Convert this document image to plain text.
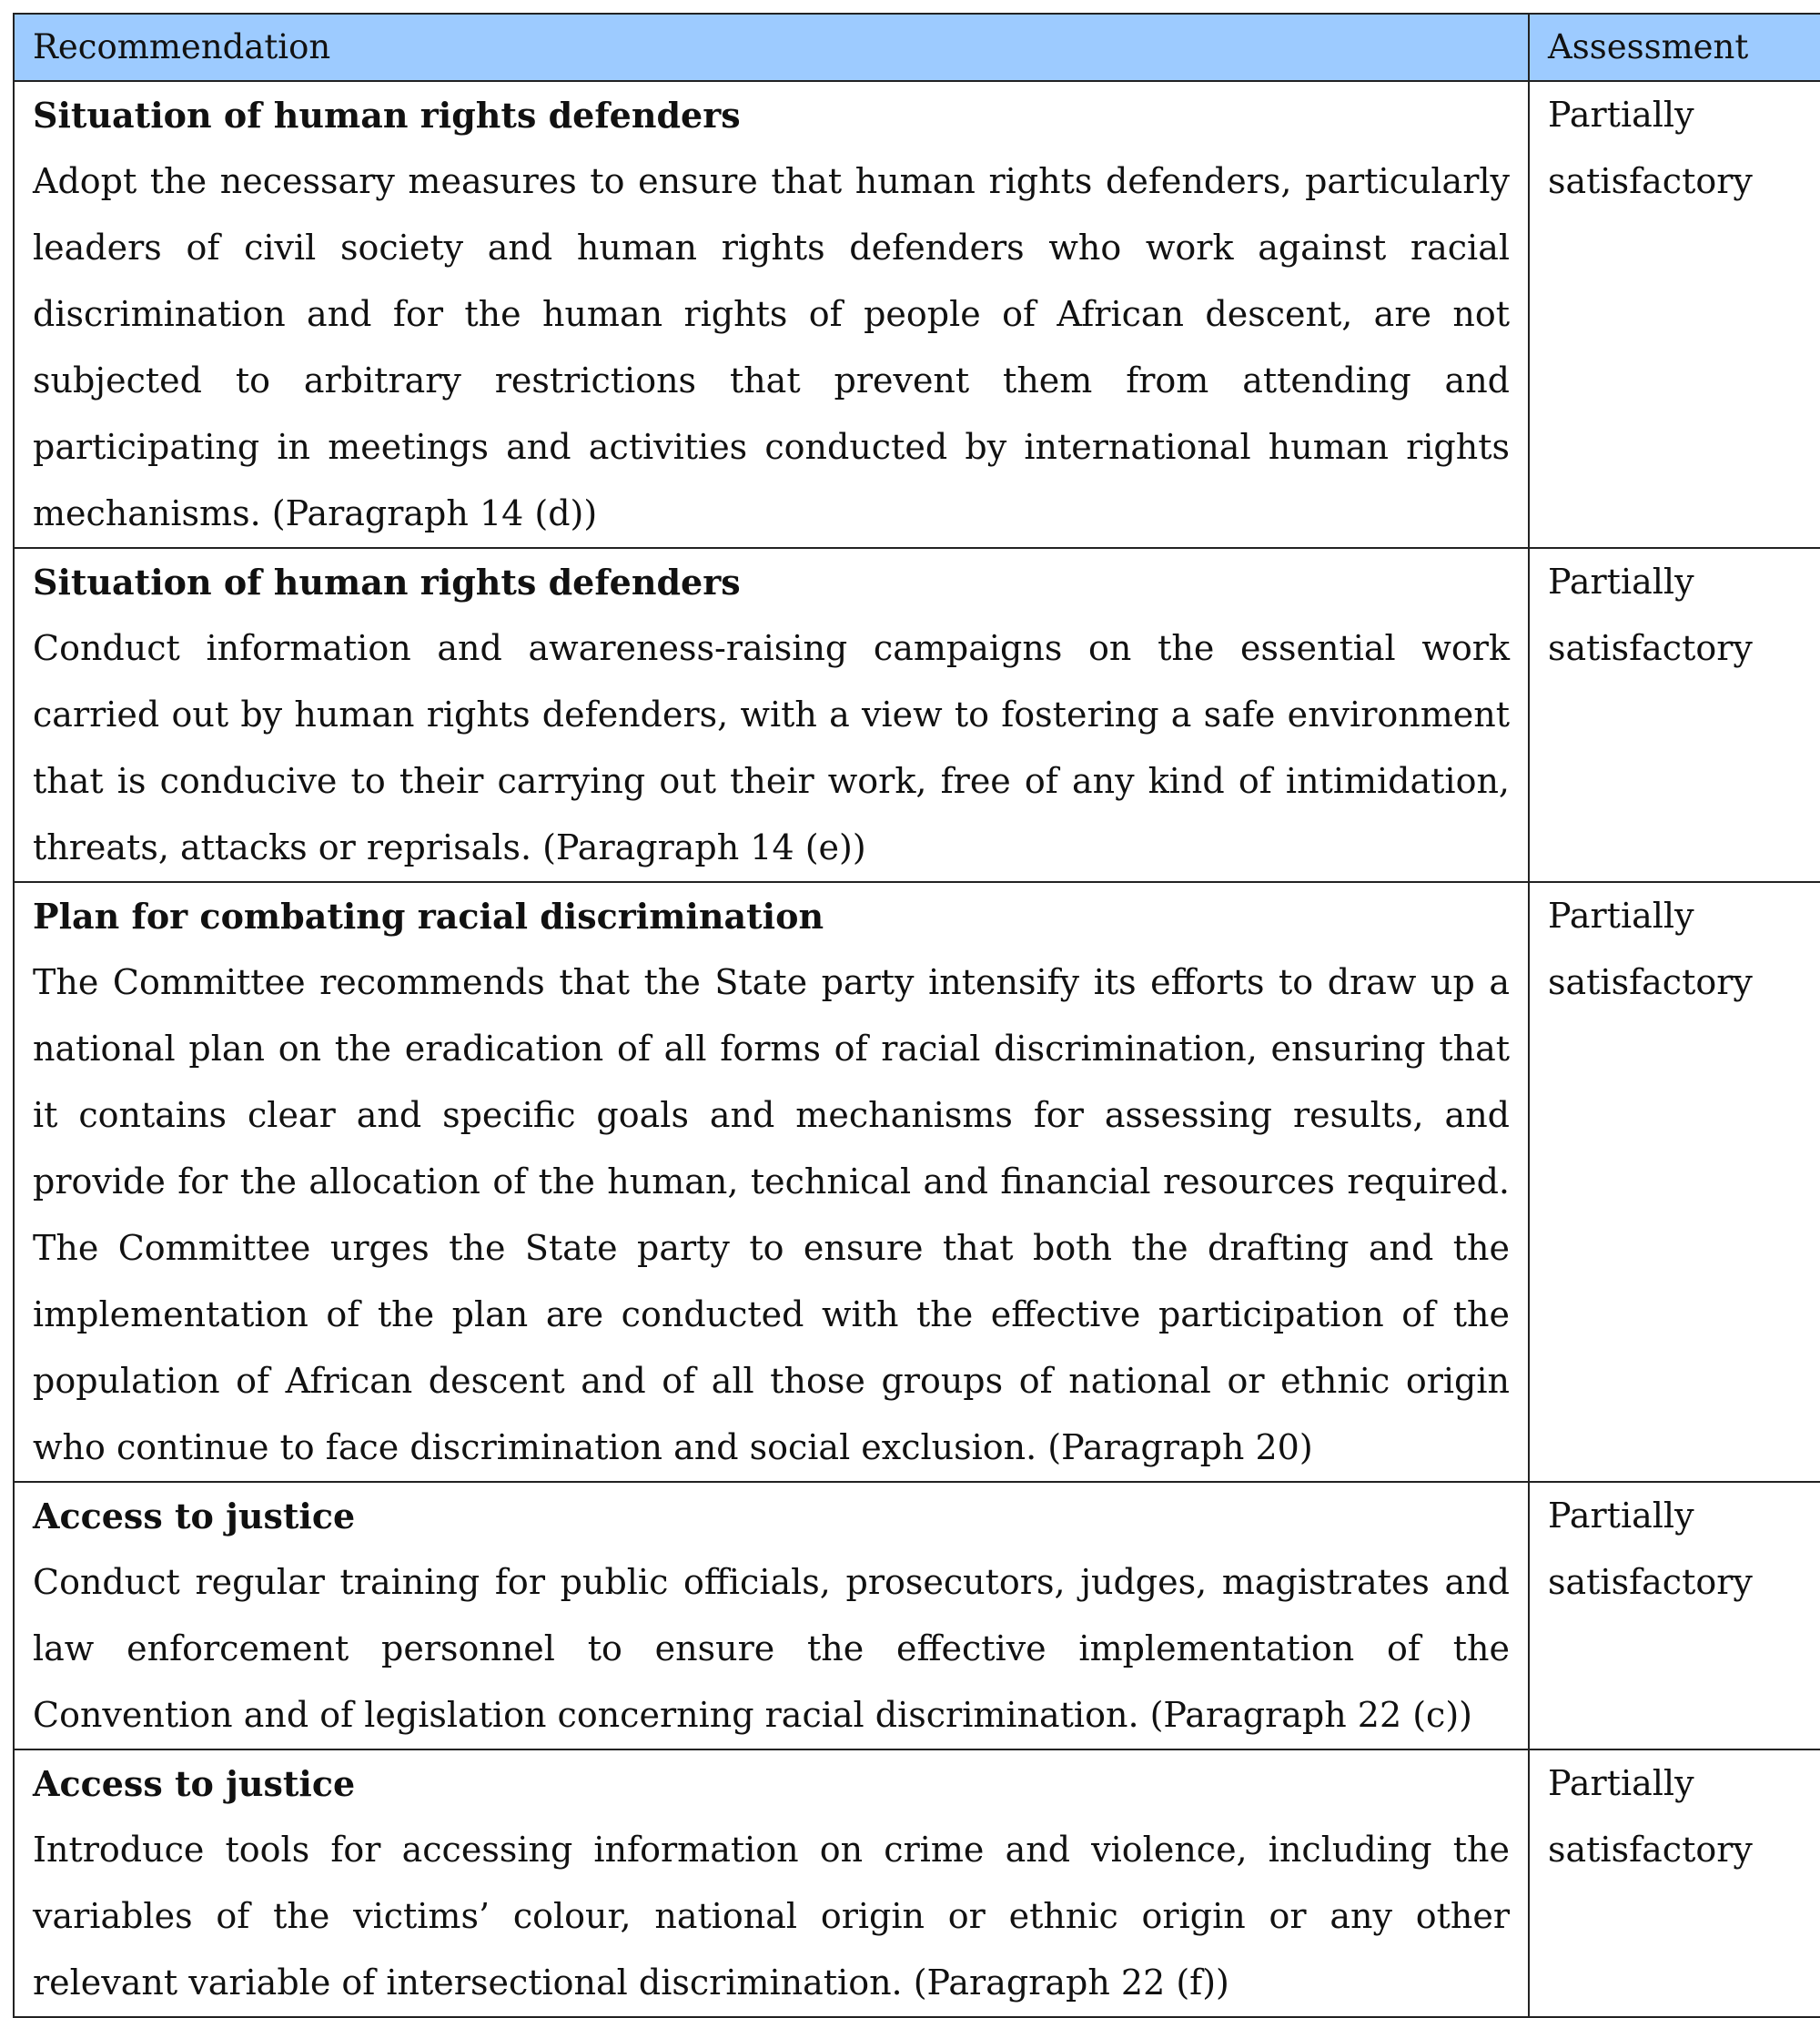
Recommendation	Assessment

Situation of human rights defenders
Adopt the necessary measures to ensure that human rights defenders, particularly leaders of civil society and human rights defenders who work against racial discrimination and for the human rights of people of African descent, are not subjected to arbitrary restrictions that prevent them from attending and participating in meetings and activities conducted by international human rights mechanisms. (Paragraph 14 (d))	Partially satisfactory

Situation of human rights defenders
Conduct information and awareness-raising campaigns on the essential work carried out by human rights defenders, with a view to fostering a safe environment that is conducive to their carrying out their work, free of any kind of intimidation, threats, attacks or reprisals. (Paragraph 14 (e))	Partially satisfactory

Plan for combating racial discrimination
The Committee recommends that the State party intensify its efforts to draw up a national plan on the eradication of all forms of racial discrimination, ensuring that it contains clear and specific goals and mechanisms for assessing results, and provide for the allocation of the human, technical and financial resources required. The Committee urges the State party to ensure that both the drafting and the implementation of the plan are conducted with the effective participation of the population of African descent and of all those groups of national or ethnic origin who continue to face discrimination and social exclusion. (Paragraph 20)	Partially satisfactory

Access to justice
Conduct regular training for public officials, prosecutors, judges, magistrates and law enforcement personnel to ensure the effective implementation of the Convention and of legislation concerning racial discrimination. (Paragraph 22 (c))	Partially satisfactory

Access to justice
Introduce tools for accessing information on crime and violence, including the variables of the victims’ colour, national origin or ethnic origin or any other relevant variable of intersectional discrimination. (Paragraph 22 (f))	Partially satisfactory
